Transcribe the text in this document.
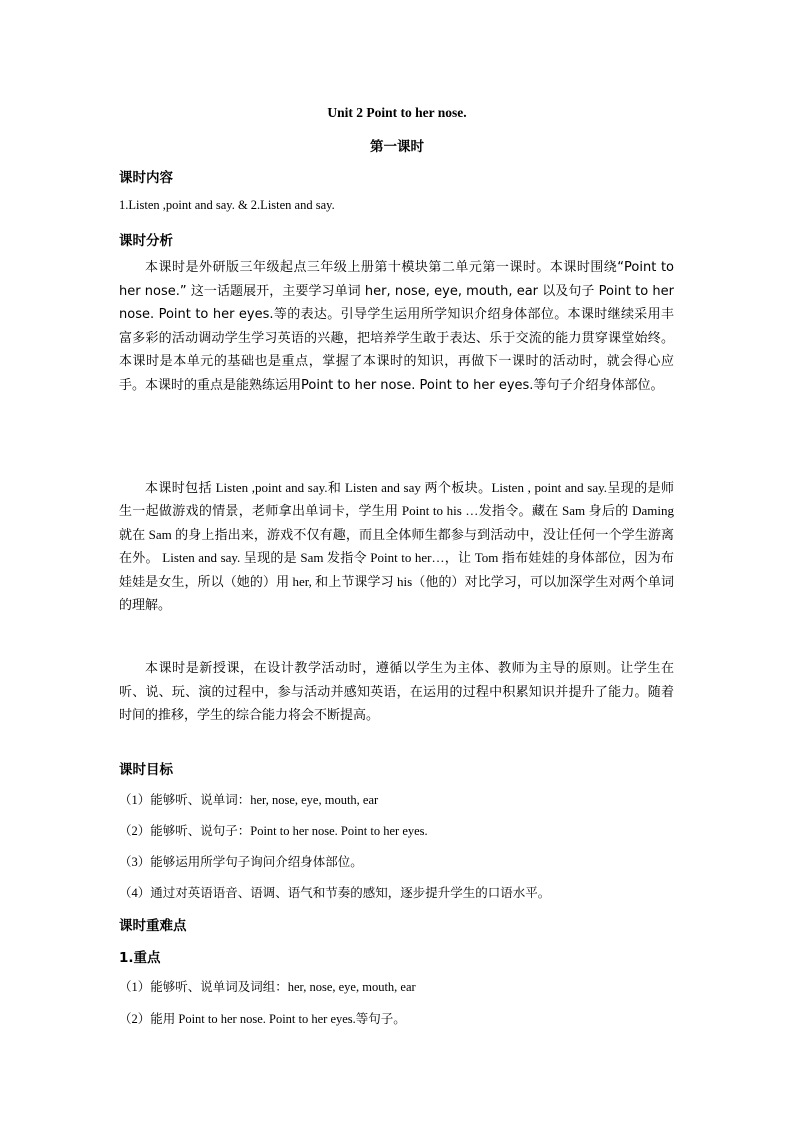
Unit 2 Point to her nose.
第一课时
课时内容
1.Listen ,point and say. & 2.Listen and say.
课时分析
本课时是外研版三年级起点三年级上册第十模块第二单元第一课时。本课时围绕“Point to her nose.” 这一话题展开，主要学习单词 her, nose, eye, mouth, ear 以及句子 Point to her nose. Point to her eyes.等的表达。引导学生运用所学知识介绍身体部位。本课时继续采用丰富多彩的活动调动学生学习英语的兴趣，把培养学生敢于表达、乐于交流的能力贯穿课堂始终。本课时是本单元的基础也是重点，掌握了本课时的知识，再做下一课时的活动时，就会得心应手。本课时的重点是能熟练运用Point to her nose. Point to her eyes.等句子介绍身体部位。
本课时包括 Listen ,point and say.和 Listen and say 两个板块。Listen , point and say.呈现的是师生一起做游戏的情景，老师拿出单词卡，学生用 Point to his …发指令。藏在 Sam 身后的 Daming 就在 Sam 的身上指出来，游戏不仅有趣，而且全体师生都参与到活动中，没让任何一个学生游离在外。 Listen and say. 呈现的是 Sam 发指令 Point to her…，让 Tom 指布娃娃的身体部位，因为布娃娃是女生，所以（她的）用 her, 和上节课学习 his（他的）对比学习，可以加深学生对两个单词的理解。
本课时是新授课，在设计教学活动时，遵循以学生为主体、教师为主导的原则。让学生在听、说、玩、演的过程中，参与活动并感知英语，在运用的过程中积累知识并提升了能力。随着时间的推移，学生的综合能力将会不断提高。
课时目标
（1）能够听、说单词：her, nose, eye, mouth, ear
（2）能够听、说句子：Point to her nose. Point to her eyes.
（3）能够运用所学句子询问介绍身体部位。
（4）通过对英语语音、语调、语气和节奏的感知，逐步提升学生的口语水平。
课时重难点
1.重点
（1）能够听、说单词及词组：her, nose, eye, mouth, ear
（2）能用 Point to her nose. Point to her eyes.等句子。
